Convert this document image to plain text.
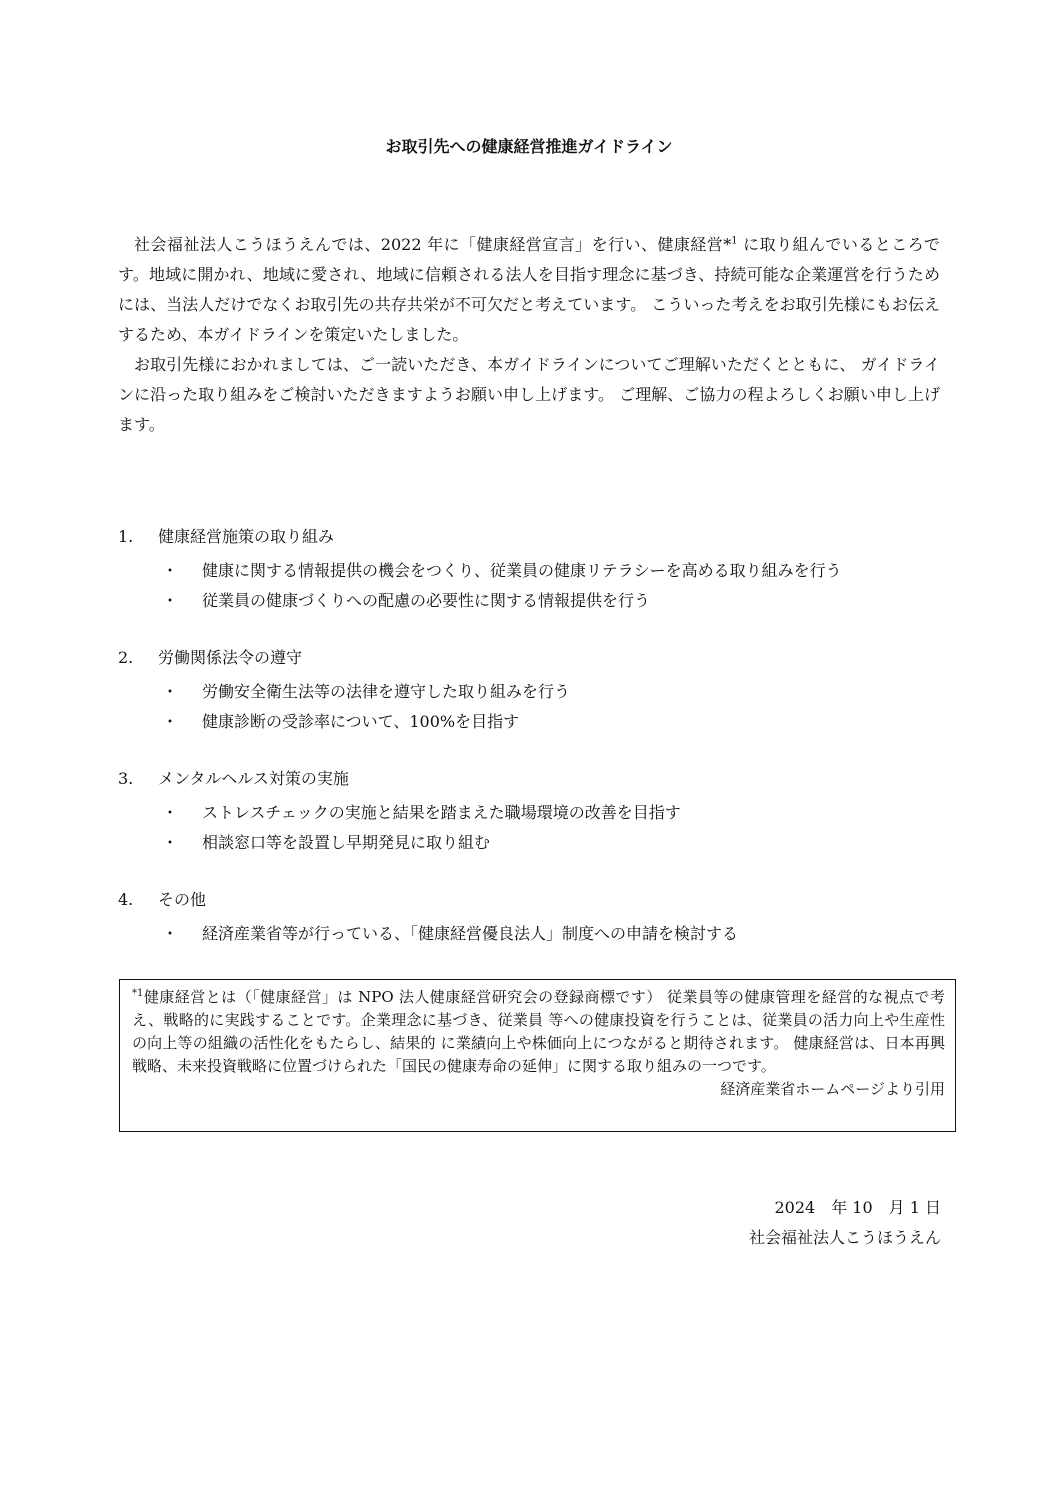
お取引先への健康経営推進ガイドライン

社会福祉法人こうほうえんでは、2022 年に「健康経営宣言」を行い、健康経営*$^1$ に取り組んでいるところです。地域に開かれ、地域に愛され、地域に信頼される法人を目指す理念に基づき、持続可能な企業運営を行うためには、当法人だけでなくお取引先の共存共栄が不可欠だと考えています。 こういった考えをお取引先様にもお伝えするため、本ガイドラインを策定いたしました。

お取引先様におかれましては、ご一読いただき、本ガイドラインについてご理解いただくとともに、 ガイドラインに沿った取り組みをご検討いただきますようお願い申し上げます。 ご理解、ご協力の程よろしくお願い申し上げます。

1.	健康経営施策の取り組み
・	健康に関する情報提供の機会をつくり、従業員の健康リテラシーを高める取り組みを行う
・	従業員の健康づくりへの配慮の必要性に関する情報提供を行う
2.	労働関係法令の遵守
・	労働安全衛生法等の法律を遵守した取り組みを行う
・	健康診断の受診率について、100%を目指す
3.	メンタルヘルス対策の実施
・	ストレスチェックの実施と結果を踏まえた職場環境の改善を目指す
・	相談窓口等を設置し早期発見に取り組む
4.	その他
・	経済産業省等が行っている、「健康経営優良法人」制度への申請を検討する
$^{*1}$健康経営とは（「健康経営」は NPO 法人健康経営研究会の登録商標です） 従業員等の健康管理を経営的な視点で考え、戦略的に実践することです。企業理念に基づき、従業員 等への健康投資を行うことは、従業員の活力向上や生産性の向上等の組織の活性化をもたらし、結果的 に業績向上や株価向上につながると期待されます。 健康経営は、日本再興戦略、未来投資戦略に位置づけられた「国民の健康寿命の延伸」に関する取り組みの一つです。
経済産業省ホームページより引用
2024　年 10　月 1 日
社会福祉法人こうほうえん
